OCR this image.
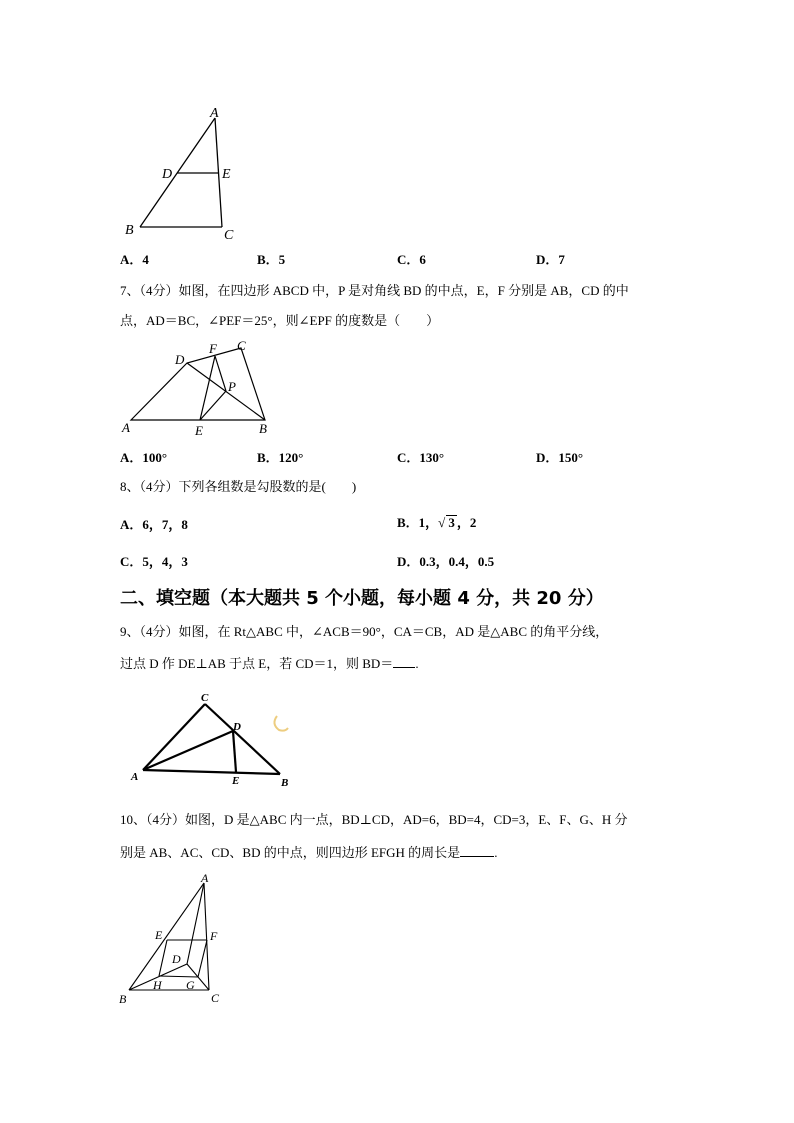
A
D	E
B	C
A．4	B．5	C．6	D．7
7、（4分）如图，在四边形 ABCD 中，P 是对角线 BD 的中点，E，F 分别是 AB，CD 的中
点，AD＝BC，∠PEF＝25°，则∠EPF 的度数是（　　）
D
F C
P
A	E	B
A．100°	B．120°	C．130°	D．150°
8、（4分）下列各组数是勾股数的是(　　)
A．6，7，8	B．1，√ 3 ，2
C．5，4，3	D．0.3，0.4，0.5
二、填空题（本大题共 5 个小题，每小题 4 分，共 20 分）
9、（4分）如图，在 Rt△ABC 中，∠ACB＝90°，CA＝CB，AD 是△ABC 的角平分线，
过点 D 作 DE⊥AB 于点 E，若 CD＝1，则 BD＝ .
C
D
A	E	B
10、（4分）如图，D 是△ABC 内一点，BD⊥CD，AD=6，BD=4，CD=3，E、F、G、H 分
别是 AB、AC、CD、BD 的中点，则四边形 EFGH 的周长是	.
A
E	F
D
H G
B	C
